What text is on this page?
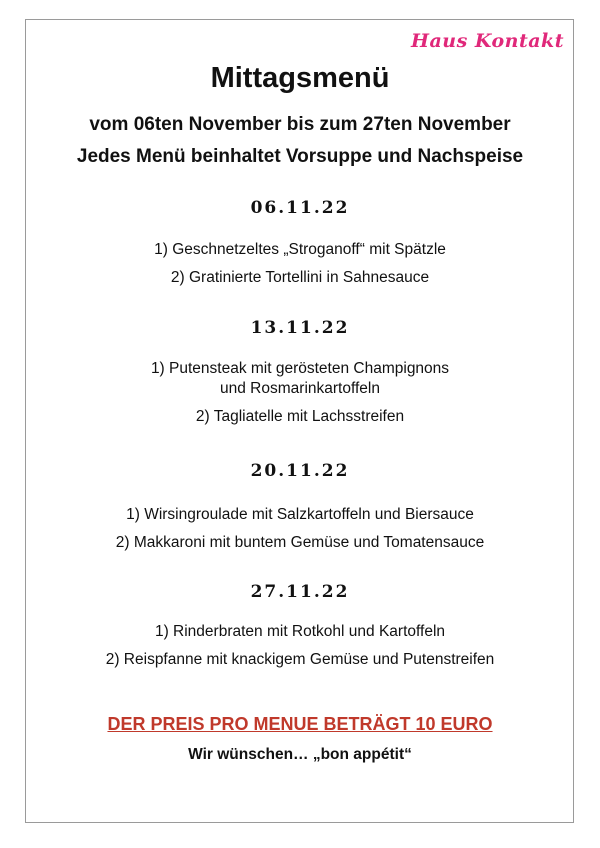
Haus Kontakt
Mittagsmenü
vom 06ten November bis zum 27ten November
Jedes Menü beinhaltet Vorsuppe und Nachspeise
06.11.22
1) Geschnetzeltes „Stroganoff“ mit Spätzle
2) Gratinierte Tortellini in Sahnesauce
13.11.22
1) Putensteak mit gerösteten Champignons
und Rosmarinkartoffeln
2) Tagliatelle mit Lachsstreifen
20.11.22
1) Wirsingroulade mit Salzkartoffeln und Biersauce
2) Makkaroni mit buntem Gemüse und Tomatensauce
27.11.22
1) Rinderbraten mit Rotkohl und Kartoffeln
2) Reispfanne mit knackigem Gemüse und Putenstreifen
DER PREIS PRO MENUE BETRÄGT 10 EURO
Wir wünschen… „bon appétit“
